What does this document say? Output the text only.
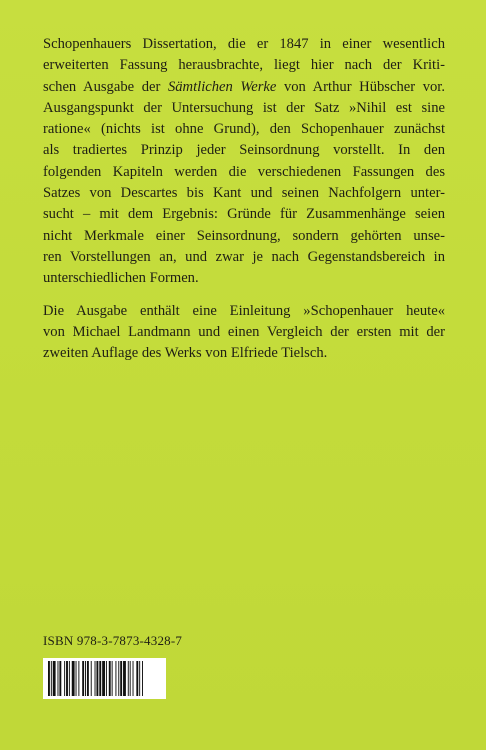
Schopenhauers Dissertation, die er 1847 in einer wesentlich
erweiterten Fassung herausbrachte, liegt hier nach der Kriti-
schen Ausgabe der Sämtlichen Werke von Arthur Hübscher vor.
Ausgangspunkt der Untersuchung ist der Satz »Nihil est sine
ratione« (nichts ist ohne Grund), den Schopenhauer zunächst
als tradiertes Prinzip jeder Seinsordnung vorstellt. In den
folgenden Kapiteln werden die verschiedenen Fassungen des
Satzes von Descartes bis Kant und seinen Nachfolgern unter-
sucht – mit dem Ergebnis: Gründe für Zusammenhänge seien
nicht Merkmale einer Seinsordnung, sondern gehörten unse-
ren Vorstellungen an, und zwar je nach Gegenstandsbereich in
unterschiedlichen Formen.
Die Ausgabe enthält eine Einleitung »Schopenhauer heute«
von Michael Landmann und einen Vergleich der ersten mit der
zweiten Auflage des Werks von Elfriede Tielsch.
ISBN 978-3-7873-4328-7
